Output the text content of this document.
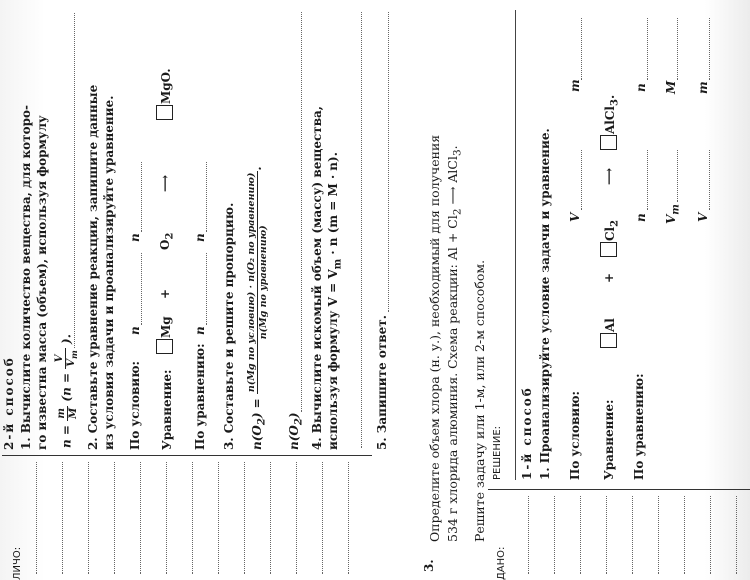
ЛИЧО:
2-й способ 1. Вычислите количество вещества, для которо- го известна масса (объем), используя формулу n =
m M
(n =
V
$V_m$
).	2. Составьте уравнение реакции, запишите данные из условия задачи и проанализируйте уравнение. По условию:
n
n
Уравнение:
Mg
+
$O_2$
⟶
MgO.
По уравнению:
n
n 3. Составьте и решите пропорцию.	$n(O_2)$ =
n(Mg по условию) · n(O₂ по уравнению) n(Mg по уравнению)
.
$n(O_2)$ 4. Вычислите искомый объем (массу) вещества, используя формулу $V = V_m \cdot n$ (m = M · n).
5. Запишите ответ.
3.
Определите объем хлора (н. у.), необходимый для получения 534 г хлорида алюминия. Схема реакции: $Al + Cl_2$ ⟶ AlCl$_3$.
Решите задачу или 1-м, или 2-м способом. РЕШЕНИЕ:
ДАНО:
1-й способ 1. Проанализируйте условие задачи и уравнение. По условию:
V
m
Уравнение:
Al
+
$Cl_2$
⟶
AlCl$_3$.
По уравнению:
n
n
$V_m$
M
V
m
